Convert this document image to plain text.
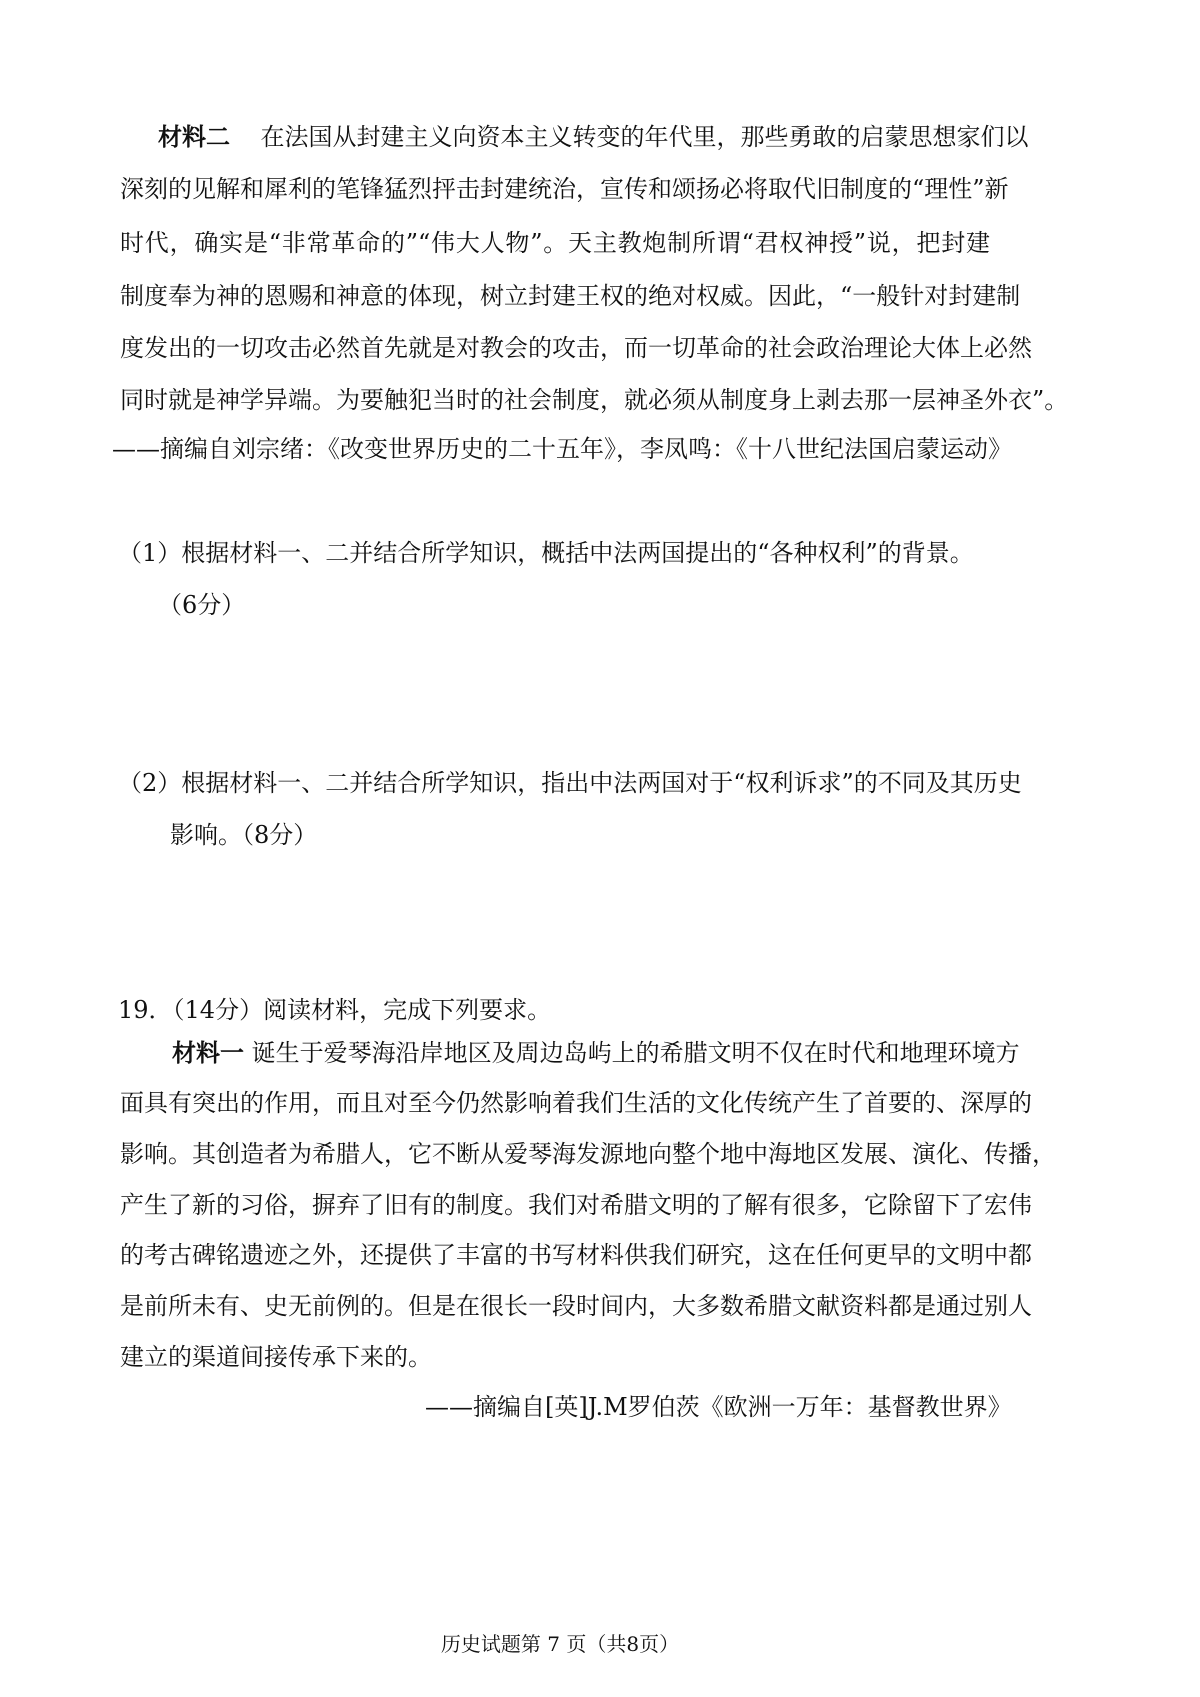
材料二 在法国从封建主义向资本主义转变的年代里，那些勇敢的启蒙思想家们以
深刻的见解和犀利的笔锋猛烈抨击封建统治，宣传和颂扬必将取代旧制度的“理性”新
时代，确实是“非常革命的”“伟大人物”。天主教炮制所谓“君权神授”说，把封建
制度奉为神的恩赐和神意的体现，树立封建王权的绝对权威。因此，“一般针对封建制
度发出的一切攻击必然首先就是对教会的攻击，而一切革命的社会政治理论大体上必然
同时就是神学异端。为要触犯当时的社会制度，就必须从制度身上剥去那一层神圣外衣”。
——摘编自刘宗绪：《改变世界历史的二十五年》，李凤鸣：《十八世纪法国启蒙运动》
（1）根据材料一、二并结合所学知识，概括中法两国提出的“各种权利”的背景。
（6分）
（2）根据材料一、二并结合所学知识，指出中法两国对于“权利诉求”的不同及其历史
影响。（8分）
19．（14分）阅读材料，完成下列要求。
材料一 诞生于爱琴海沿岸地区及周边岛屿上的希腊文明不仅在时代和地理环境方
面具有突出的作用，而且对至今仍然影响着我们生活的文化传统产生了首要的、深厚的
影响。其创造者为希腊人，它不断从爱琴海发源地向整个地中海地区发展、演化、传播，
产生了新的习俗，摒弃了旧有的制度。我们对希腊文明的了解有很多，它除留下了宏伟
的考古碑铭遗迹之外，还提供了丰富的书写材料供我们研究，这在任何更早的文明中都
是前所未有、史无前例的。但是在很长一段时间内，大多数希腊文献资料都是通过别人
建立的渠道间接传承下来的。
——摘编自[英]J.M罗伯茨《欧洲一万年：基督教世界》
历史试题第 7 页（共8页）
